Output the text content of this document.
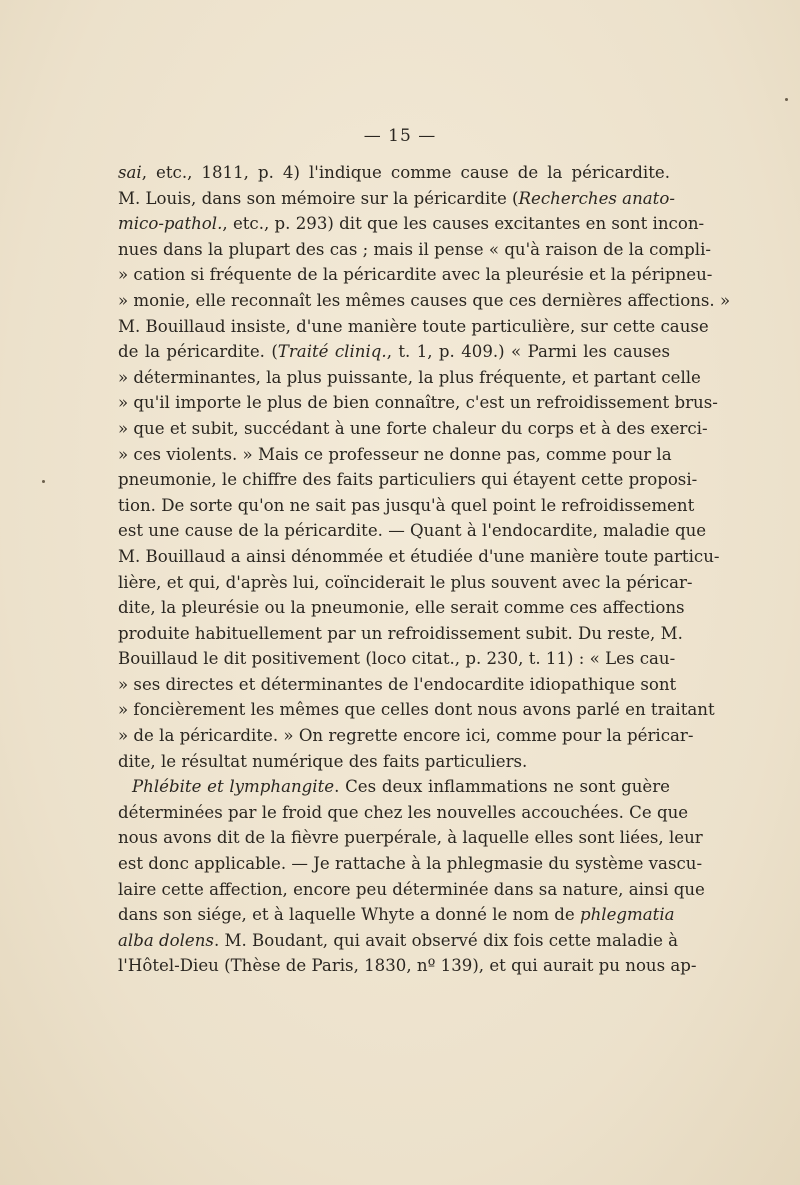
— 15 —
sai, etc., 1811, p. 4) l'indique comme cause de la péricardite.
M. Louis, dans son mémoire sur la péricardite (Recherches anato-
mico-pathol., etc., p. 293) dit que les causes excitantes en sont incon-
nues dans la plupart des cas ; mais il pense « qu'à raison de la compli-
» cation si fréquente de la péricardite avec la pleurésie et la péripneu-
» monie, elle reconnaît les mêmes causes que ces dernières affections. »
M. Bouillaud insiste, d'une manière toute particulière, sur cette cause
de la péricardite. (Traité cliniq., t. 1, p. 409.) « Parmi les causes
» déterminantes, la plus puissante, la plus fréquente, et partant celle
» qu'il importe le plus de bien connaître, c'est un refroidissement brus-
» que et subit, succédant à une forte chaleur du corps et à des exerci-
» ces violents. » Mais ce professeur ne donne pas, comme pour la
pneumonie, le chiffre des faits particuliers qui étayent cette proposi-
tion. De sorte qu'on ne sait pas jusqu'à quel point le refroidissement
est une cause de la péricardite. — Quant à l'endocardite, maladie que
M. Bouillaud a ainsi dénommée et étudiée d'une manière toute particu-
lière, et qui, d'après lui, coïnciderait le plus souvent avec la péricar-
dite, la pleurésie ou la pneumonie, elle serait comme ces affections
produite habituellement par un refroidissement subit. Du reste, M.
Bouillaud le dit positivement (loco citat., p. 230, t. 11) : « Les cau-
» ses directes et déterminantes de l'endocardite idiopathique sont
» foncièrement les mêmes que celles dont nous avons parlé en traitant
» de la péricardite. » On regrette encore ici, comme pour la péricar-
dite, le résultat numérique des faits particuliers.
Phlébite et lymphangite. Ces deux inflammations ne sont guère
déterminées par le froid que chez les nouvelles accouchées. Ce que
nous avons dit de la fièvre puerpérale, à laquelle elles sont liées, leur
est donc applicable. — Je rattache à la phlegmasie du système vascu-
laire cette affection, encore peu déterminée dans sa nature, ainsi que
dans son siége, et à laquelle Whyte a donné le nom de phlegmatia
alba dolens. M. Boudant, qui avait observé dix fois cette maladie à
l'Hôtel-Dieu (Thèse de Paris, 1830, nº 139), et qui aurait pu nous ap-
